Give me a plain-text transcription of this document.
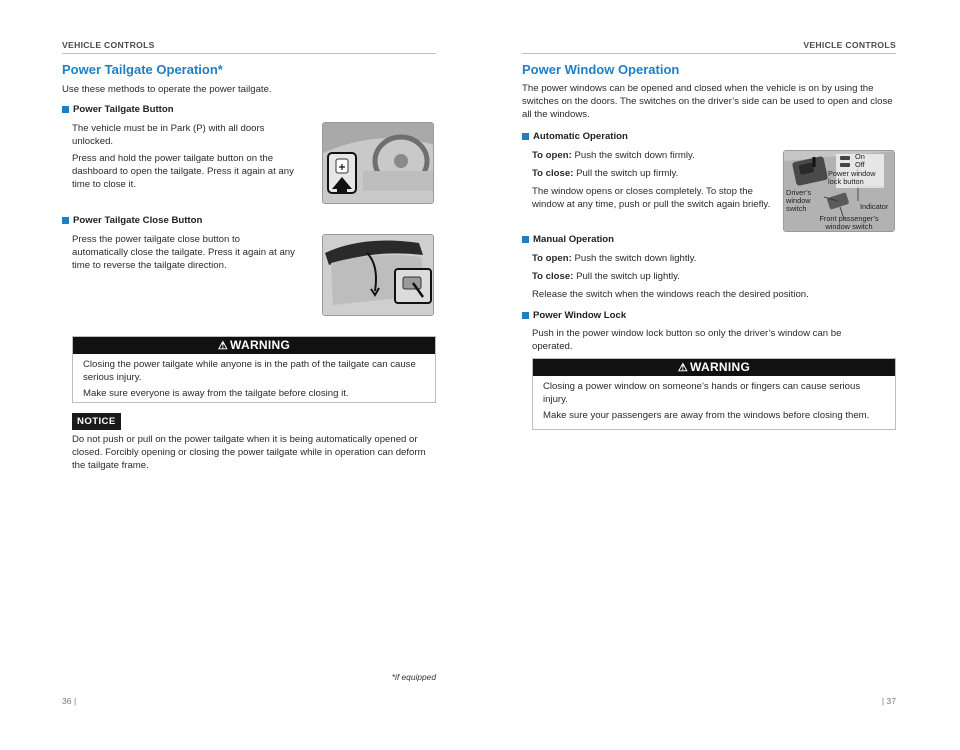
VEHICLE CONTROLS
Power Tailgate Operation*

Use these methods to operate the power tailgate.

Power Tailgate Button

The vehicle must be in Park (P) with all doors unlocked.

Press and hold the power tailgate button on the dashboard to open the tailgate. Press it again at any time to close it.

Power Tailgate Close Button

Press the power tailgate close button to automatically close the tailgate. Press it again at any time to reverse the tailgate direction.

⚠ WARNING

Closing the power tailgate while anyone is in the path of the tailgate can cause serious injury.

Make sure everyone is away from the tailgate before closing it.

NOTICE

Do not push or pull on the power tailgate when it is being automatically opened or closed. Forcibly opening or closing the power tailgate while in operation can deform the tailgate frame.

*if equipped
36 |
VEHICLE CONTROLS
Power Window Operation

The power windows can be opened and closed when the vehicle is on by using the switches on the doors. The switches on the driver’s side can be used to open and close all the windows.

Automatic Operation

To open: Push the switch down firmly.

To close: Pull the switch up firmly.

The window opens or closes completely. To stop the window at any time, push or pull the switch again briefly.

On
Off
Power window lock button
Driver’s window switch	Indicator
Front passenger’s window switch
Manual Operation

To open: Push the switch down lightly.

To close: Pull the switch up lightly.

Release the switch when the windows reach the desired position.

Power Window Lock

Push in the power window lock button so only the driver’s window can be operated.

⚠ WARNING

Closing a power window on someone’s hands or fingers can cause serious injury.

Make sure your passengers are away from the windows before closing them.

| 37
